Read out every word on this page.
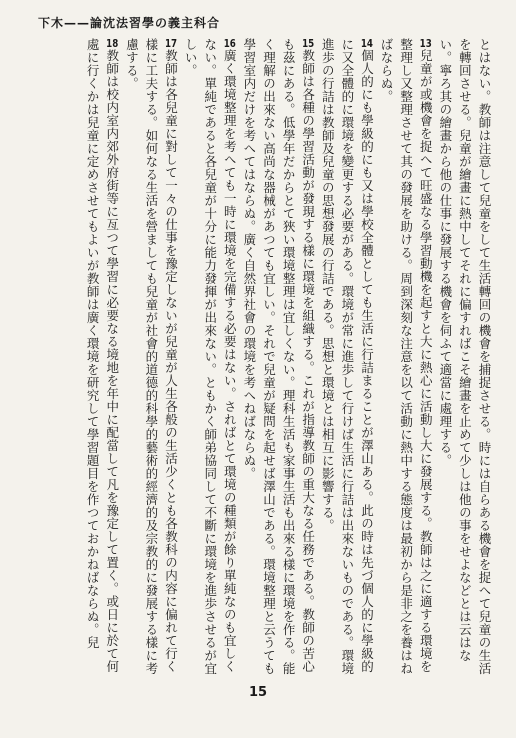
下木——論沈法習學の義主科合

とはない。教師は注意して兒童をして生活轉回の機會を捕捉させる。時には自らある機會を捉へて兒童の生活を轉回させる。兒童が繪畫に熱中してそれに偏すればこそ繪畫を止めて少しは他の事をせよなどとは云はない。寧ろ其の繪畫から他の仕事に發展する機會を伺ふて適當に處理する。

13兒童が或機會を捉へて旺盛なる學習動機を起すと大に熱心に活動し大に發展する。教師は之に適する環境を整理し又整理させて其の發展を助ける。周到深刻な注意を以て活動に熱中する態度は最初から是非之を養はねばならぬ。

14個人的にも學級的にも又は學校全體としても生活に行詰まることが澤山ある。此の時は先づ個人的に學級的に又全體的に環境を變更する必要がある。環境が常に進歩して行けば生活に行詰は出來ないものである。環境進歩の行詰は教師及兒童の思想發展の行詰である。思想と環境とは相互に影響する。

15教師は各種の學習活動が發現する樣に環境を組織する。これが指導教師の重大なる任務である。教師の苦心も茲にある。低學年だからとて狹い環境整理は宜しくない。理科生活も家事生活も出來る樣に環境を作る。能く理解の出來ない高尚な器械があつても宜しい。それで兒童が疑問を起せば澤山である。環境整理と云うても學習室内だけを考へてはならぬ。廣く自然界社會の環境を考へねばならぬ。

16廣く環境整理を考へても一時に環境を完備する必要はない。さればとて環境の種類が餘り單純なのも宜しくない。單純であると各兒童が十分に能力發揮が出來ない。ともかく師弟協同して不斷に環境を進歩させるが宜しい。

17教師は各兒童に對して一々の仕事を豫定しないが兒童が人生各般の生活少くとも各教科の内容に偏れて行く樣に工夫する。如何なる生活を營ましても兒童が社會的道德的科學的藝術的經濟的及宗教的に發展する樣に考慮する。

18教師は校内室内郊外府街等に亙つて學習に必要なる境地を年中に配當して凡を豫定して置く。或日に於て何處に行くかは兒童に定めさせてもよいが教師は廣く環境を研究して學習題目を作つておかねばならぬ。兒

15
